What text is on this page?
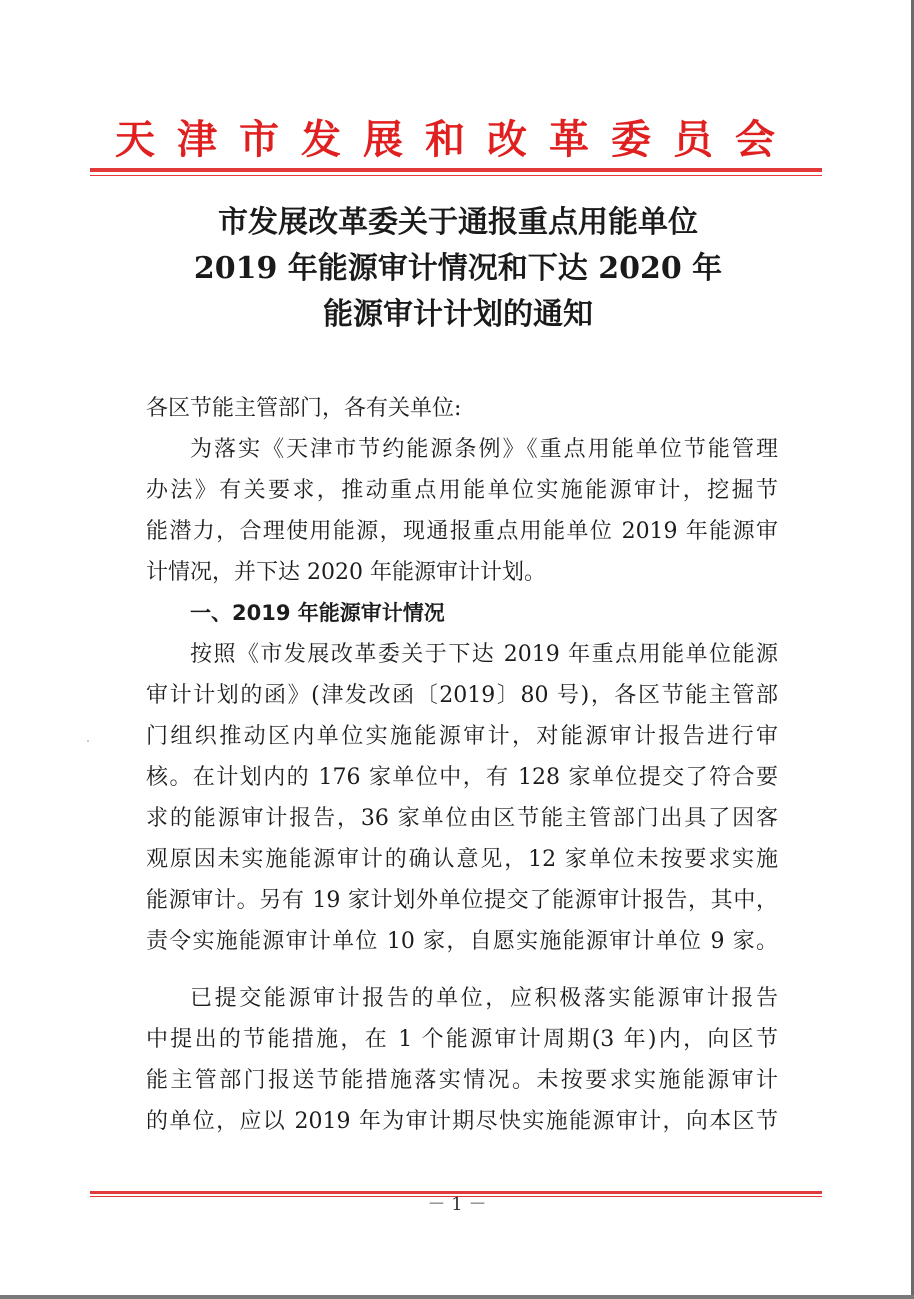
天津市发展和改革委员会
市发展改革委关于通报重点用能单位
2019 年能源审计情况和下达 2020 年
能源审计计划的通知
各区节能主管部门，各有关单位:
为落实《天津市节约能源条例》《重点用能单位节能管理
办法》有关要求，推动重点用能单位实施能源审计，挖掘节
能潜力，合理使用能源，现通报重点用能单位 2019 年能源审
计情况，并下达 2020 年能源审计计划。
一、2019 年能源审计情况
按照《市发展改革委关于下达 2019 年重点用能单位能源
审计计划的函》(津发改函〔2019〕80 号)，各区节能主管部
门组织推动区内单位实施能源审计，对能源审计报告进行审
核。在计划内的 176 家单位中，有 128 家单位提交了符合要
求的能源审计报告，36 家单位由区节能主管部门出具了因客
观原因未实施能源审计的确认意见，12 家单位未按要求实施
能源审计。另有 19 家计划外单位提交了能源审计报告，其中，
责令实施能源审计单位 10 家，自愿实施能源审计单位 9 家。
已提交能源审计报告的单位，应积极落实能源审计报告
中提出的节能措施，在 1 个能源审计周期(3 年)内，向区节
能主管部门报送节能措施落实情况。未按要求实施能源审计
的单位，应以 2019 年为审计期尽快实施能源审计，向本区节
－ 1 －
